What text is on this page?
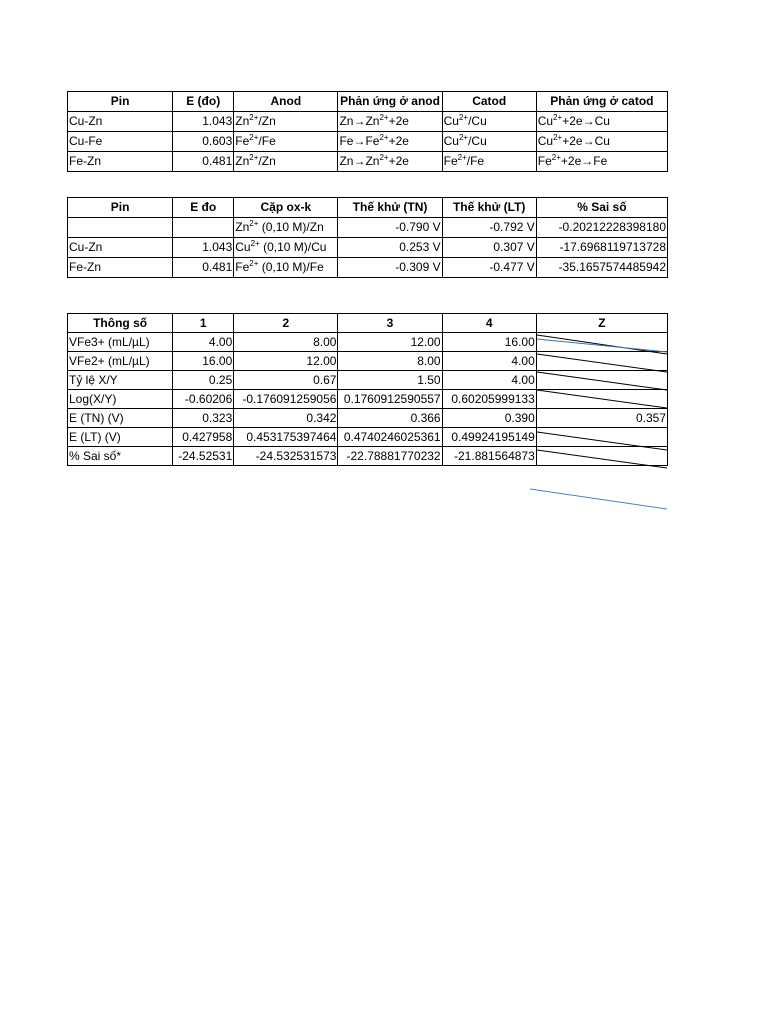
Pin	E (đo)	Anod	Phản ứng ở anod	Catod	Phản ứng ở catod
Cu-Zn	1.043	$Zn^{2+}/Zn$	$Zn\to Zn^{2+}+2e$	$Cu^{2+}/Cu$	$Cu^{2+}+2e\to Cu$
Cu-Fe	0.603	$Fe^{2+}/Fe$	$Fe\to Fe^{2+}+2e$	$Cu^{2+}/Cu$	$Cu^{2+}+2e\to Cu$
Fe-Zn	0.481	$Zn^{2+}/Zn$	$Zn\to Zn^{2+}+2e$	$Fe^{2+}/Fe$	$Fe^{2+}+2e\to Fe$
Pin	E đo	Cặp ox-k	Thế khử (TN)	Thế khử (LT)	% Sai số
		$Zn^{2+}$ (0,10 M)/Zn	-0.790 V	-0.792 V	-0.20212228398180
Cu-Zn	1.043	$Cu^{2+}$ (0,10 M)/Cu	0.253 V	0.307 V	-17.6968119713728
Fe-Zn	0.481	$Fe^{2+}$ (0,10 M)/Fe	-0.309 V	-0.477 V	-35.1657574485942
Thông số	1	2	3	4	Z
VFe3+ (mL/µL)	4.00	8.00	12.00	16.00	
VFe2+ (mL/µL)	16.00	12.00	8.00	4.00	
Tỷ lệ X/Y	0.25	0.67	1.50	4.00	
Log(X/Y)	-0.60206	-0.176091259056	0.1760912590557	0.60205999133	
E (TN) (V)	0.323	0.342	0.366	0.390	0.357
E (LT) (V)	0.427958	0.453175397464	0.4740246025361	0.49924195149	
% Sai số*	-24.52531	-24.532531573	-22.78881770232	-21.881564873	
